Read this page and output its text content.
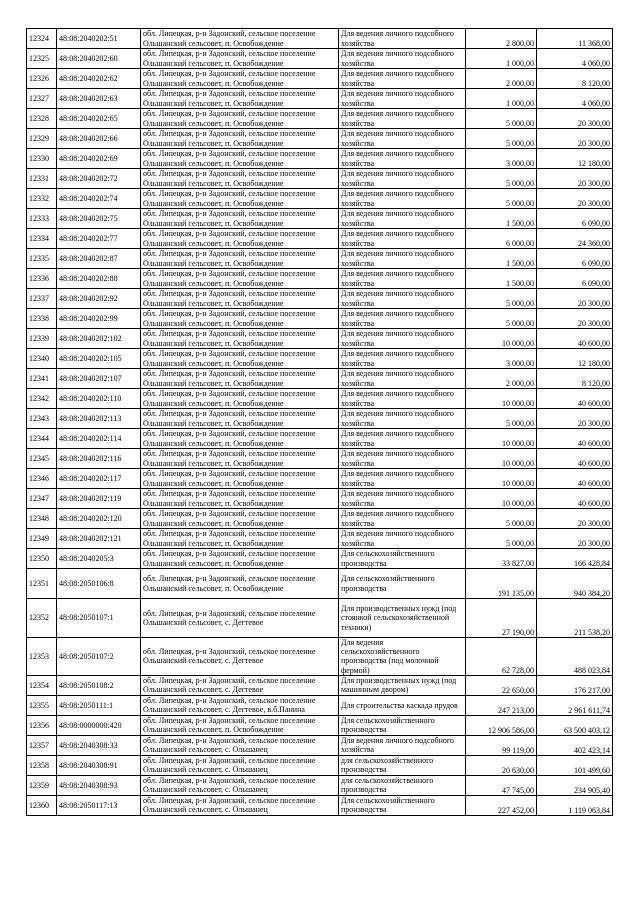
12324	48:08:2040202:51	обл. Липецкая, р-н Задонский, сельское поселение Ольшанский сельсовет, п. Освобождение	Для ведения личного подсобного хозяйства	2 800,00	11 368,00
12325	48:08:2040202:60	обл. Липецкая, р-н Задонский, сельское поселение Ольшанский сельсовет, п. Освобождение	Для ведения личного подсобного хозяйства	1 000,00	4 060,00
12326	48:08:2040202:62	обл. Липецкая, р-н Задонский, сельское поселение Ольшанский сельсовет, п. Освобождение	Для ведения личного подсобного хозяйства	2 000,00	8 120,00
12327	48:08:2040202:63	обл. Липецкая, р-н Задонский, сельское поселение Ольшанский сельсовет, п. Освобождение	Для ведения личного подсобного хозяйства	1 000,00	4 060,00
12328	48:08:2040202:65	обл. Липецкая, р-н Задонский, сельское поселение Ольшанский сельсовет, п. Освобождение	Для ведения личного подсобного хозяйства	5 000,00	20 300,00
12329	48:08:2040202:66	обл. Липецкая, р-н Задонский, сельское поселение Ольшанский сельсовет, п. Освобождение	Для ведения личного подсобного хозяйства	5 000,00	20 300,00
12330	48:08:2040202:69	обл. Липецкая, р-н Задонский, сельское поселение Ольшанский сельсовет, п. Освобождение	Для ведения личного подсобного хозяйства	3 000,00	12 180,00
12331	48:08:2040202:72	обл. Липецкая, р-н Задонский, сельское поселение Ольшанский сельсовет, п. Освобождение	Для ведения личного подсобного хозяйства	5 000,00	20 300,00
12332	48:08:2040202:74	обл. Липецкая, р-н Задонский, сельское поселение Ольшанский сельсовет, п. Освобождение	Для ведения личного подсобного хозяйства	5 000,00	20 300,00
12333	48:08:2040202:75	обл. Липецкая, р-н Задонский, сельское поселение Ольшанский сельсовет, п. Освобождение	Для ведения личного подсобного хозяйства	1 500,00	6 090,00
12334	48:08:2040202:77	обл. Липецкая, р-н Задонский, сельское поселение Ольшанский сельсовет, п. Освобождение	Для ведения личного подсобного хозяйства	6 000,00	24 360,00
12335	48:08:2040202:87	обл. Липецкая, р-н Задонский, сельское поселение Ольшанский сельсовет, п. Освобождение	Для ведения личного подсобного хозяйства	1 500,00	6 090,00
12336	48:08:2040202:88	обл. Липецкая, р-н Задонский, сельское поселение Ольшанский сельсовет, п. Освобождение	Для ведения личного подсобного хозяйства	1 500,00	6 090,00
12337	48:08:2040202:92	обл. Липецкая, р-н Задонский, сельское поселение Ольшанский сельсовет, п. Освобождение	Для ведения личного подсобного хозяйства	5 000,00	20 300,00
12338	48:08:2040202:99	обл. Липецкая, р-н Задонский, сельское поселение Ольшанский сельсовет, п. Освобождение	Для ведения личного подсобного хозяйства	5 000,00	20 300,00
12339	48:08:2040202:102	обл. Липецкая, р-н Задонский, сельское поселение Ольшанский сельсовет, п. Освобождение	Для ведения личного подсобного хозяйства	10 000,00	40 600,00
12340	48:08:2040202:105	обл. Липецкая, р-н Задонский, сельское поселение Ольшанский сельсовет, п. Освобождение	Для ведения личного подсобного хозяйства	3 000,00	12 180,00
12341	48:08:2040202:107	обл. Липецкая, р-н Задонский, сельское поселение Ольшанский сельсовет, п. Освобождение	Для ведения личного подсобного хозяйства	2 000,00	8 120,00
12342	48:08:2040202:110	обл. Липецкая, р-н Задонский, сельское поселение Ольшанский сельсовет, п. Освобождение	Для ведения личного подсобного хозяйства	10 000,00	40 600,00
12343	48:08:2040202:113	обл. Липецкая, р-н Задонский, сельское поселение Ольшанский сельсовет, п. Освобождение	Для ведения личного подсобного хозяйства	5 000,00	20 300,00
12344	48:08:2040202:114	обл. Липецкая, р-н Задонский, сельское поселение Ольшанский сельсовет, п. Освобождение	Для ведения личного подсобного хозяйства	10 000,00	40 600,00
12345	48:08:2040202:116	обл. Липецкая, р-н Задонский, сельское поселение Ольшанский сельсовет, п. Освобождение	Для ведения личного подсобного хозяйства	10 000,00	40 600,00
12346	48:08:2040202:117	обл. Липецкая, р-н Задонский, сельское поселение Ольшанский сельсовет, п. Освобождение	Для ведения личного подсобного хозяйства	10 000,00	40 600,00
12347	48:08:2040202:119	обл. Липецкая, р-н Задонский, сельское поселение Ольшанский сельсовет, п. Освобождение	Для ведения личного подсобного хозяйства	10 000,00	40 600,00
12348	48:08:2040202:120	обл. Липецкая, р-н Задонский, сельское поселение Ольшанский сельсовет, п. Освобождение	Для ведения личного подсобного хозяйства	5 000,00	20 300,00
12349	48:08:2040202:121	обл. Липецкая, р-н Задонский, сельское поселение Ольшанский сельсовет, п. Освобождение	Для ведения личного подсобного хозяйства	5 000,00	20 300,00
12350	48:08:2040205:3	обл. Липецкая, р-н Задонский, сельское поселение Ольшанский сельсовет, п. Освобождение	Для сельскохозяйственного производства	33 827,00	166 428,84
12351	48:08:2050106:8	обл. Липецкая, р-н Задонский, сельское поселение Ольшанский сельсовет, п. Освобождение	Для сельскохозяйственного производства	191 135,00	940 384,20
12352	48:08:2050107:1	обл. Липецкая, р-н Задонский, сельское поселение Ольшанский сельсовет, с. Дегтевое	Для производственных нужд (под стоянкой сельскохозяйственной техники)	27 190,00	211 538,20
12353	48:08:2050107:2	обл. Липецкая, р-н Задонский, сельское поселение Ольшанский сельсовет, с. Дегтевое	Для ведения сельскохозяйственного производства (под молочной фермой)	62 728,00	488 023,84
12354	48:08:2050108:2	обл. Липецкая, р-н Задонский, сельское поселение Ольшанский сельсовет, с. Дегтевое	Для производственных нужд (под машинным двором)	22 650,00	176 217,00
12355	48:08:2050111:1	обл. Липецкая, р-н Задонский, сельское поселение Ольшанский сельсовет, с. Дегтевое, в.б.Панина	Для строительства каскада прудов	247 213,00	2 961 611,74
12356	48:08:0000000:420	обл. Липецкая, р-н Задонский, сельское поселение Ольшанский сельсовет, п. Освобождение	Для сельскохозяйственного производства	12 906 586,00	63 500 403,12
12357	48:08:2040308:33	обл. Липецкая, р-н Задонский, сельское поселение Ольшанский сельсовет, с. Ольшанец	Для ведения личного подсобного хозяйства	99 119,00	402 423,14
12358	48:08:2040308:91	обл. Липецкая, р-н Задонский, сельское поселение Ольшанский сельсовет, с. Ольшанец	для сельскохозяйственного производства	20 630,00	101 499,60
12359	48:08:2040308:93	обл. Липецкая, р-н Задонский, сельское поселение Ольшанский сельсовет, с. Ольшанец	для сельскохозяйственного производства	47 745,00	234 905,40
12360	48:08:2050117:13	обл. Липецкая, р-н Задонский, сельское поселение Ольшанский сельсовет, с. Ольшанец	Для сельскохозяйственного производства	227 452,00	1 119 063,84
